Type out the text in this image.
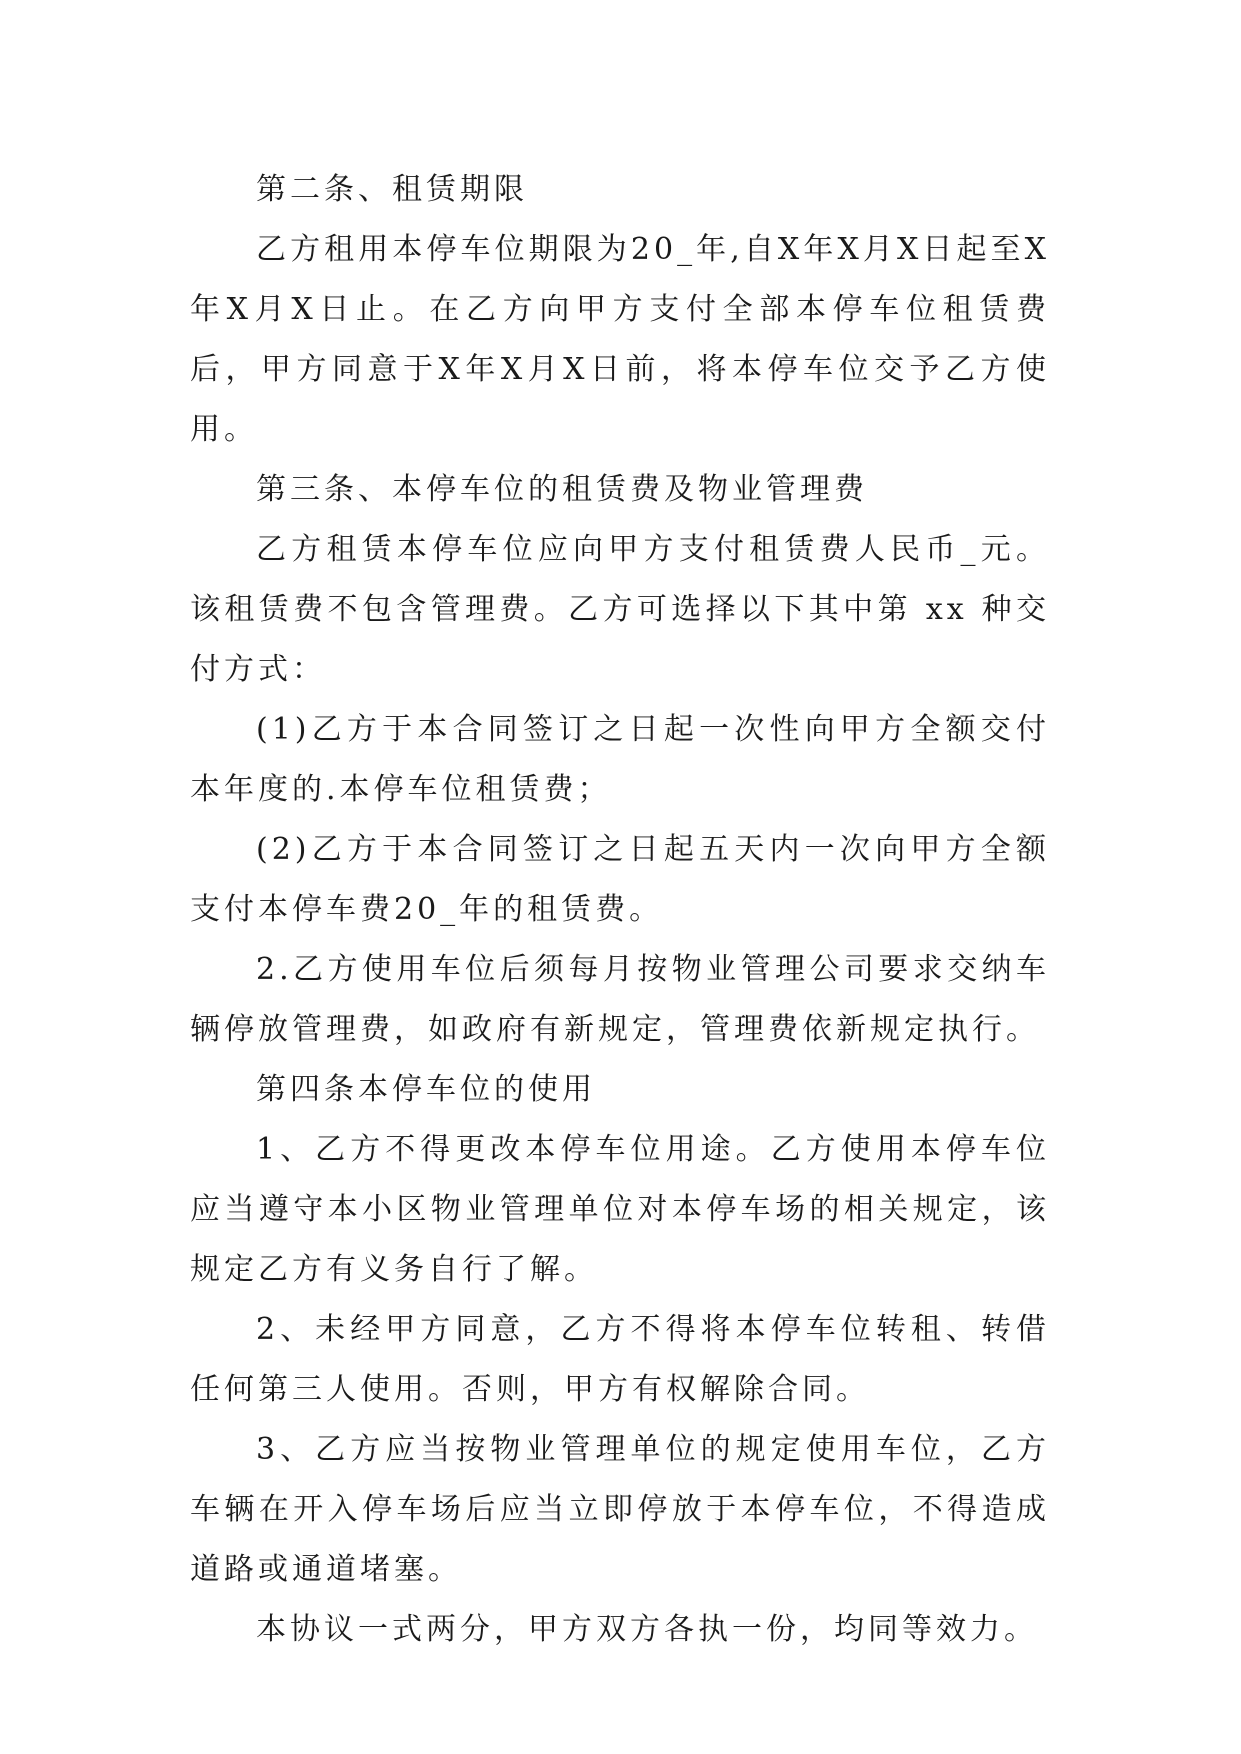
第二条、租赁期限

乙方租用本停车位期限为20_年,自X年X月X日起至X年X月X日止。在乙方向甲方支付全部本停车位租赁费后，甲方同意于X年X月X日前，将本停车位交予乙方使用。

第三条、本停车位的租赁费及物业管理费

乙方租赁本停车位应向甲方支付租赁费人民币_元。该租赁费不包含管理费。乙方可选择以下其中第 xx 种交付方式：

(1)乙方于本合同签订之日起一次性向甲方全额交付本年度的.本停车位租赁费；

(2)乙方于本合同签订之日起五天内一次向甲方全额支付本停车费20_年的租赁费。

2.乙方使用车位后须每月按物业管理公司要求交纳车辆停放管理费，如政府有新规定，管理费依新规定执行。

第四条本停车位的使用

1、乙方不得更改本停车位用途。乙方使用本停车位应当遵守本小区物业管理单位对本停车场的相关规定，该规定乙方有义务自行了解。

2、未经甲方同意，乙方不得将本停车位转租、转借任何第三人使用。否则，甲方有权解除合同。

3、乙方应当按物业管理单位的规定使用车位，乙方车辆在开入停车场后应当立即停放于本停车位，不得造成道路或通道堵塞。

本协议一式两分，甲方双方各执一份，均同等效力。
